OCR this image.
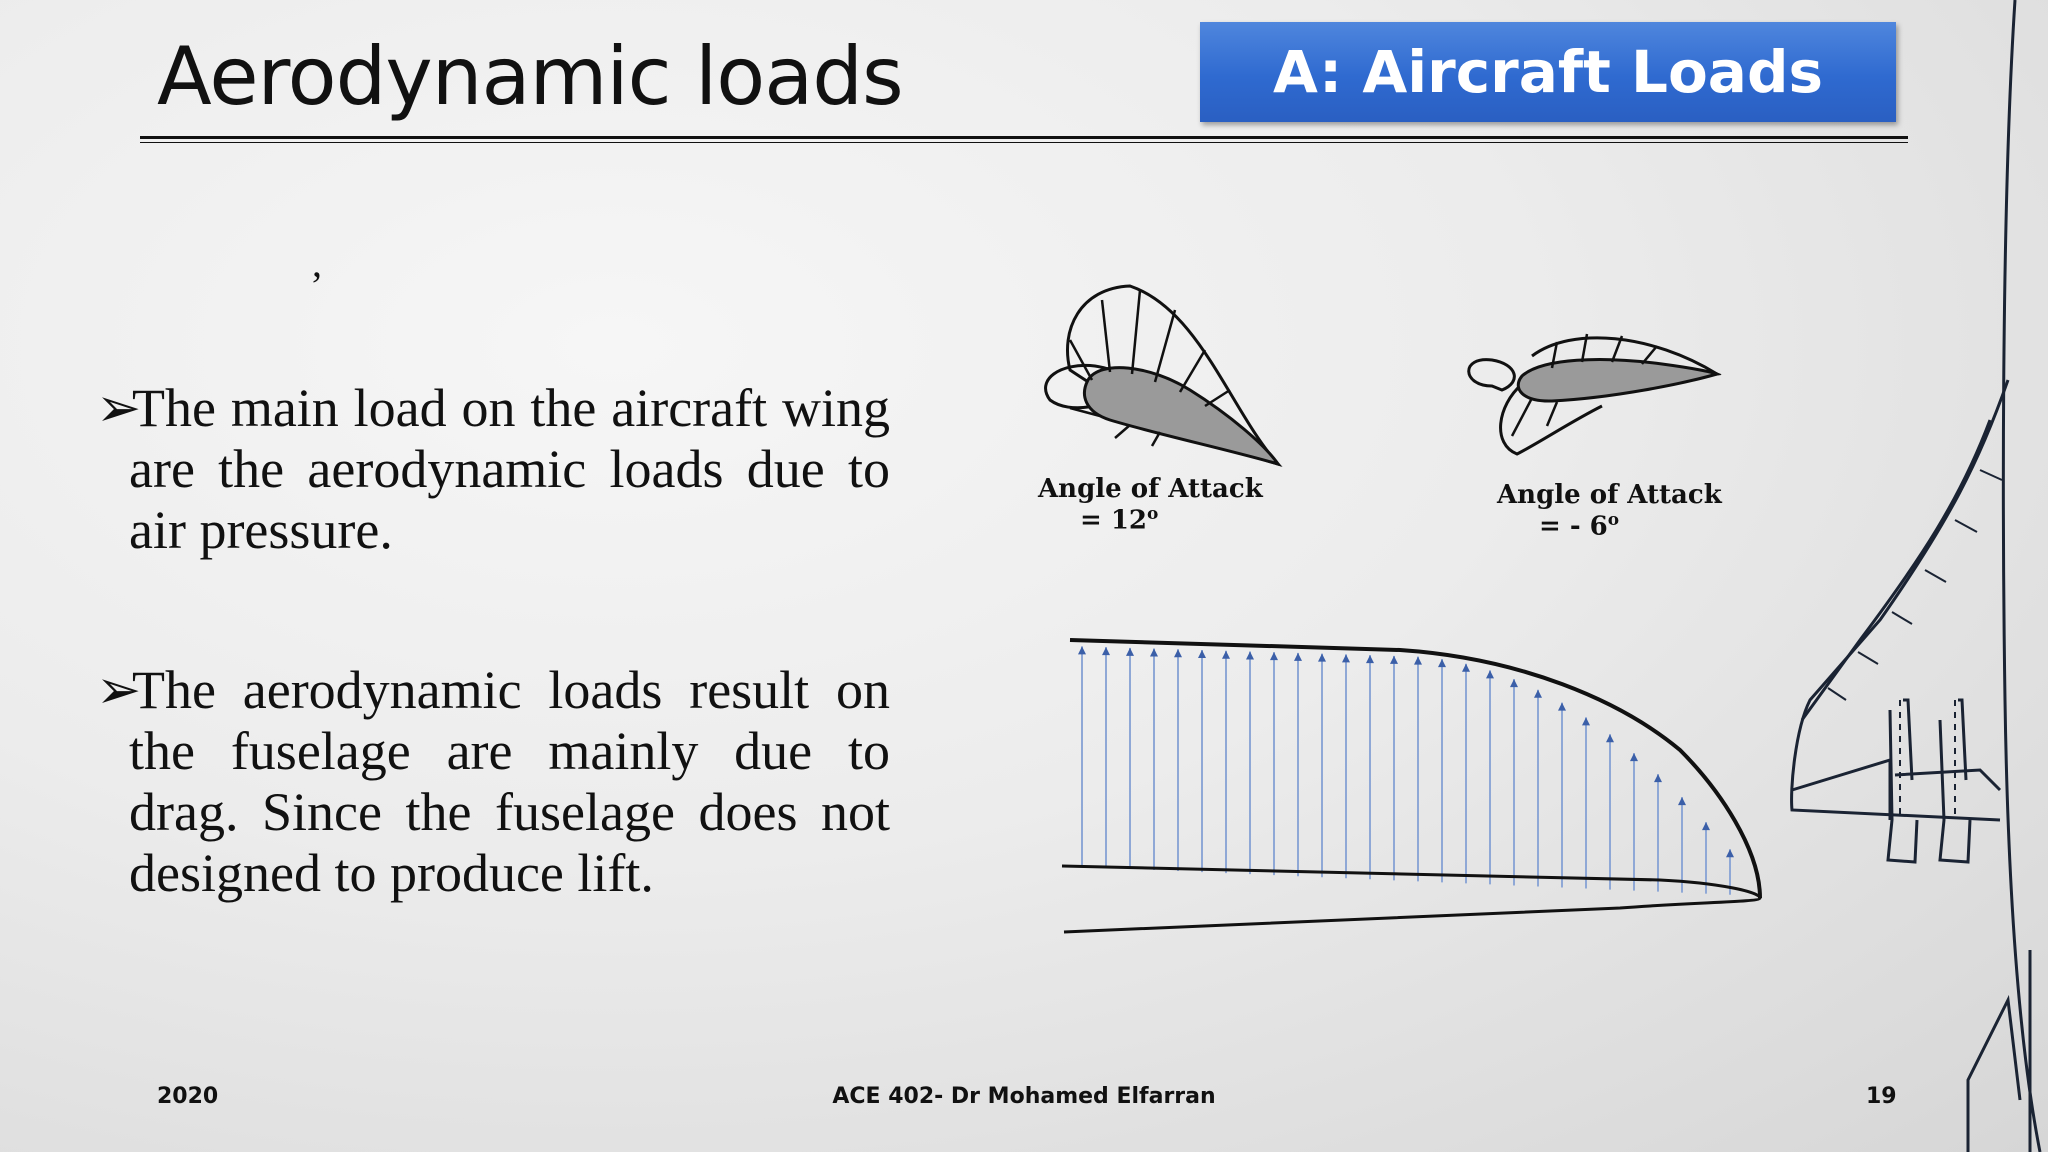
Aerodynamic loads	A: Aircraft Loads
’

➢The main load on the aircraft wing are the aerodynamic loads due to air pressure.

➢The aerodynamic loads result on the fuselage are mainly due to drag. Since the fuselage does not designed to produce lift.

Angle of Attack
= $12^o$
Angle of Attack
= - 6$^o$
2020	ACE 402- Dr Mohamed Elfarran	19
